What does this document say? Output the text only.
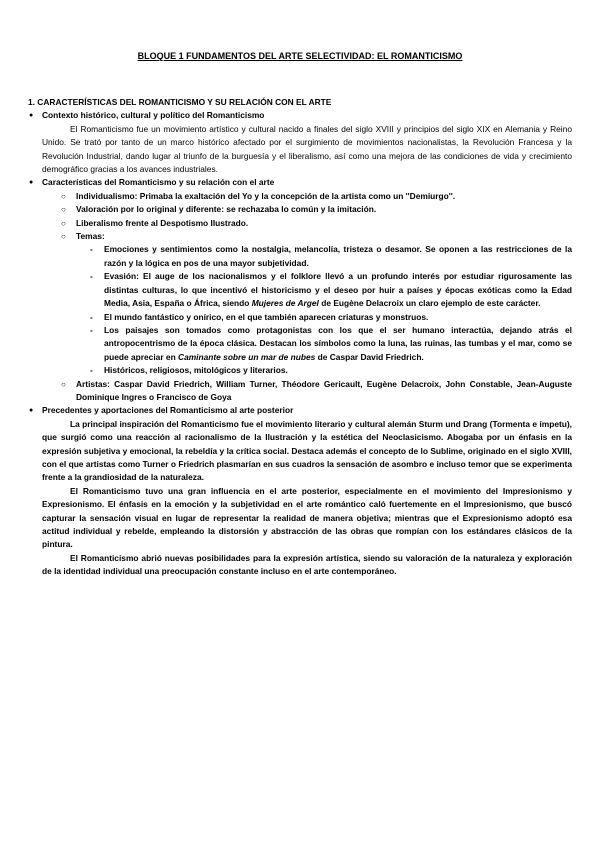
BLOQUE 1 FUNDAMENTOS DEL ARTE SELECTIVIDAD: EL ROMANTICISMO
1. CARACTERÍSTICAS DEL ROMANTICISMO Y SU RELACIÓN CON EL ARTE
● Contexto histórico, cultural y político del Romanticismo
El Romanticismo fue un movimiento artístico y cultural nacido a finales del siglo XVIII y principios del siglo XIX en Alemania y Reino Unido. Se trató por tanto de un marco histórico afectado por el surgimiento de movimientos nacionalistas, la Revolución Francesa y la Revolución Industrial, dando lugar al triunfo de la burguesía y el liberalismo, así como una mejora de las condiciones de vida y crecimiento demográfico gracias a los avances industriales.
● Características del Romanticismo y su relación con el arte
○ Individualismo: Primaba la exaltación del Yo y la concepción de la artista como un ''Demiurgo''.
○ Valoración por lo original y diferente: se rechazaba lo común y la imitación.
○ Liberalismo frente al Despotismo Ilustrado.
○ Temas:
- Emociones y sentimientos como la nostalgia, melancolía, tristeza o desamor. Se oponen a las restricciones de la razón y la lógica en pos de una mayor subjetividad.
- Evasión: El auge de los nacionalismos y el folklore llevó a un profundo interés por estudiar rigurosamente las distintas culturas, lo que incentivó el historicismo y el deseo por huir a países y épocas exóticas como la Edad Media, Asia, España o África, siendo Mujeres de Argel de Eugène Delacroix un claro ejemplo de este carácter.
- El mundo fantástico y onírico, en el que también aparecen criaturas y monstruos.
- Los paisajes son tomados como protagonistas con los que el ser humano interactúa, dejando atrás el antropocentrismo de la época clásica. Destacan los símbolos como la luna, las ruinas, las tumbas y el mar, como se puede apreciar en Caminante sobre un mar de nubes de Caspar David Friedrich.
- Históricos, religiosos, mitológicos y literarios.
○ Artistas: Caspar David Friedrich, William Turner, Théodore Gericault, Eugène Delacroix, John Constable, Jean-Auguste Dominique Ingres o Francisco de Goya
● Precedentes y aportaciones del Romanticismo al arte posterior
La principal inspiración del Romanticismo fue el movimiento literario y cultural alemán Sturm und Drang (Tormenta e ímpetu), que surgió como una reacción al racionalismo de la Ilustración y la estética del Neoclasicismo. Abogaba por un énfasis en la expresión subjetiva y emocional, la rebeldía y la crítica social. Destaca además el concepto de lo Sublime, originado en el siglo XVIII, con el que artistas como Turner o Friedrich plasmarían en sus cuadros la sensación de asombro e incluso temor que se experimenta frente a la grandiosidad de la naturaleza.
El Romanticismo tuvo una gran influencia en el arte posterior, especialmente en el movimiento del Impresionismo y Expresionismo. El énfasis en la emoción y la subjetividad en el arte romántico caló fuertemente en el Impresionismo, que buscó capturar la sensación visual en lugar de representar la realidad de manera objetiva; mientras que el Expresionismo adoptó esa actitud individual y rebelde, empleando la distorsión y abstracción de las obras que rompían con los estándares clásicos de la pintura.
El Romanticismo abrió nuevas posibilidades para la expresión artística, siendo su valoración de la naturaleza y exploración de la identidad individual una preocupación constante incluso en el arte contemporáneo.
